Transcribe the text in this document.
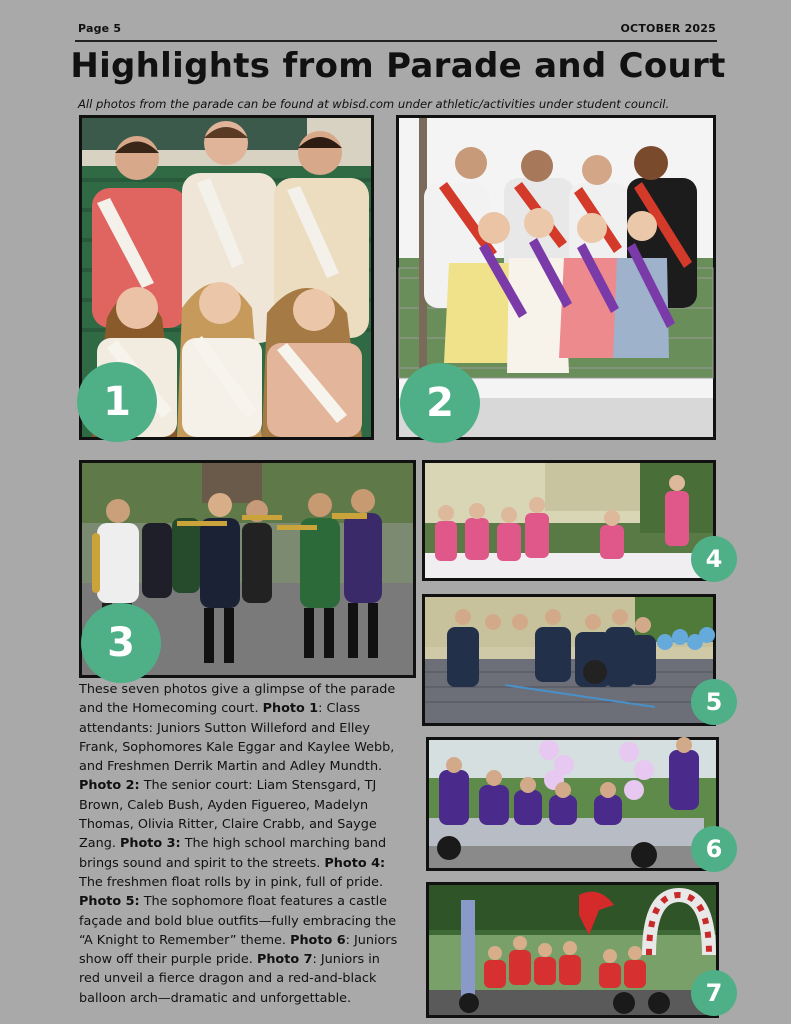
Page 5	OCTOBER 2025
Highlights from Parade and Court
All photos from the parade can be found at wbisd.com under athletic/activities under student council.
1	2
3
4
5
6
7
These seven photos give a glimpse of the parade and the Homecoming court. Photo 1: Class attendants: Juniors Sutton Willeford and Elley Frank, Sophomores Kale Eggar and Kaylee Webb, and Freshmen Derrik Martin and Adley Mundth. Photo 2: The senior court: Liam Stensgard, TJ Brown, Caleb Bush, Ayden Figuereo, Madelyn Thomas, Olivia Ritter, Claire Crabb, and Sayge Zang. Photo 3: The high school marching band brings sound and spirit to the streets. Photo 4: The freshmen float rolls by in pink, full of pride. Photo 5: The sophomore float features a castle façade and bold blue outfits—fully embracing the “A Knight to Remember” theme. Photo 6: Juniors show off their purple pride. Photo 7: Juniors in red unveil a fierce dragon and a red-and-black balloon arch—dramatic and unforgettable.
